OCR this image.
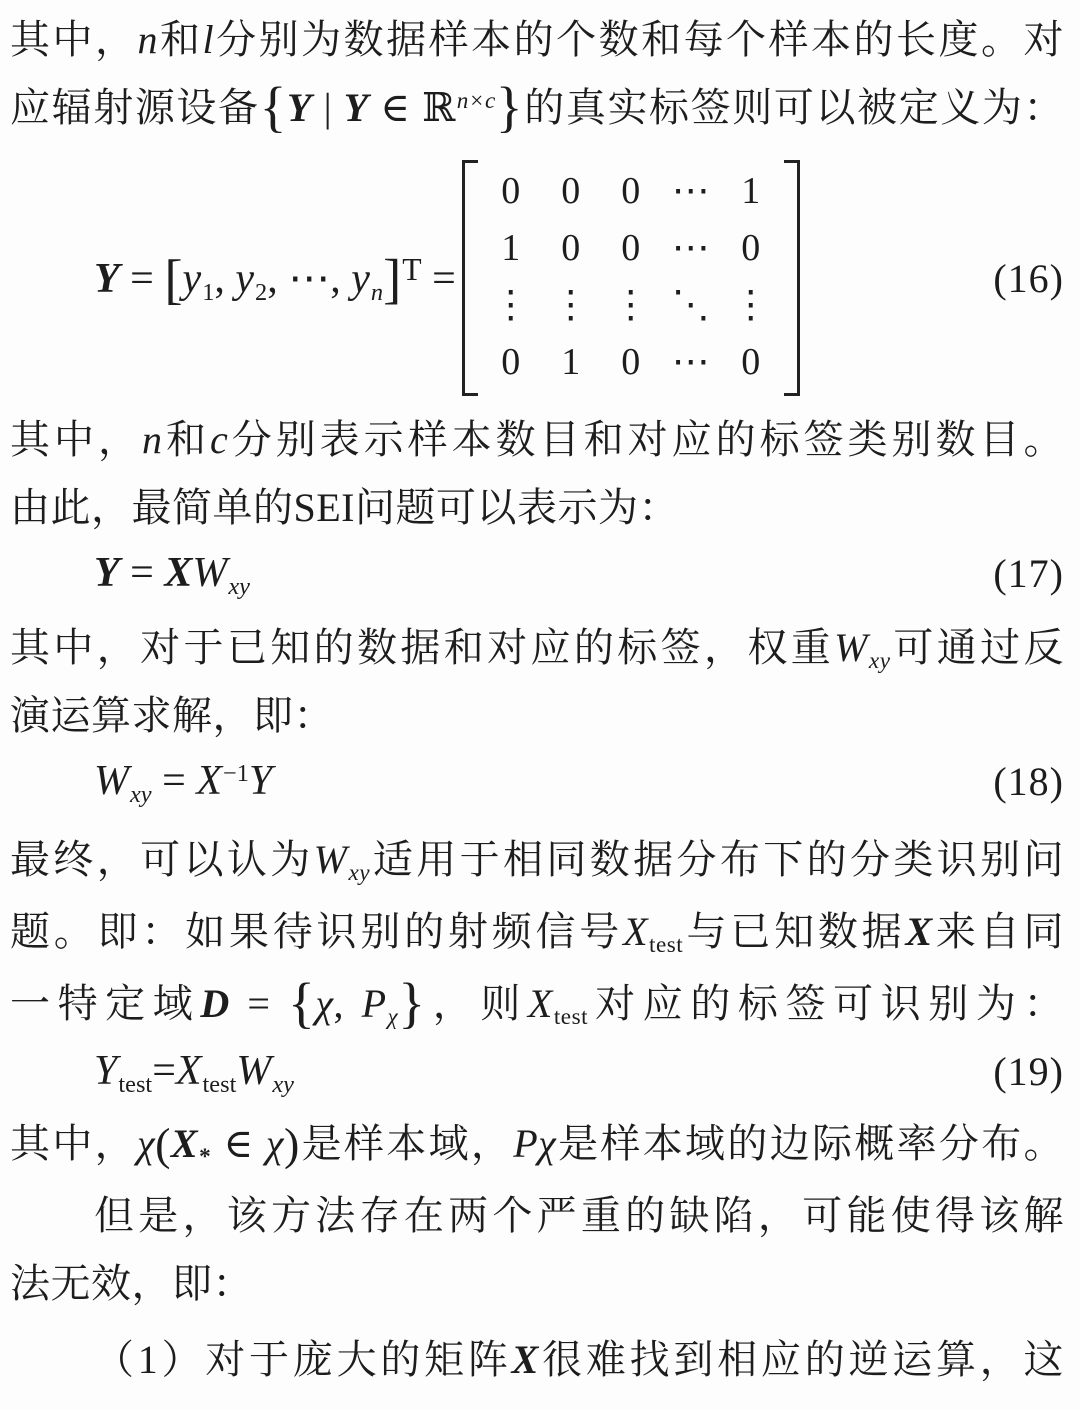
其中，n和l分别为数据样本的个数和每个样本的长度。对
应辐射源设备{Y | Y ∈ ℝ$^{n\times c}$}的真实标签则可以被定义为：
Y = [y1, y2, ⋯, yn]$^T$ =
0 0 0 ⋯ 1
1 0 0 ⋯ 0
⋮ ⋮ ⋮ ⋱ ⋮
0 1 0 ⋯ 0
(16)
其中，n和c分别表示样本数目和对应的标签类别数目。
由此，最简单的SEI问题可以表示为：
Y = XWxy	(17)
其中，对于已知的数据和对应的标签，权重Wxy可通过反
演运算求解，即：
Wxy = $X^{-1}Y$	(18)
最终，可以认为Wxy适用于相同数据分布下的分类识别问
题。即：如果待识别的射频信号Xtest与已知数据X来自同
一特定域D = {χ, Pχ}，则Xtest对应的标签可识别为：
Ytest=XtestWxy	(19)
其中，χ(X* ∈ χ)是样本域，Pχ是样本域的边际概率分布。
但是，该方法存在两个严重的缺陷，可能使得该解
法无效，即：
（1）对于庞大的矩阵X很难找到相应的逆运算，这
